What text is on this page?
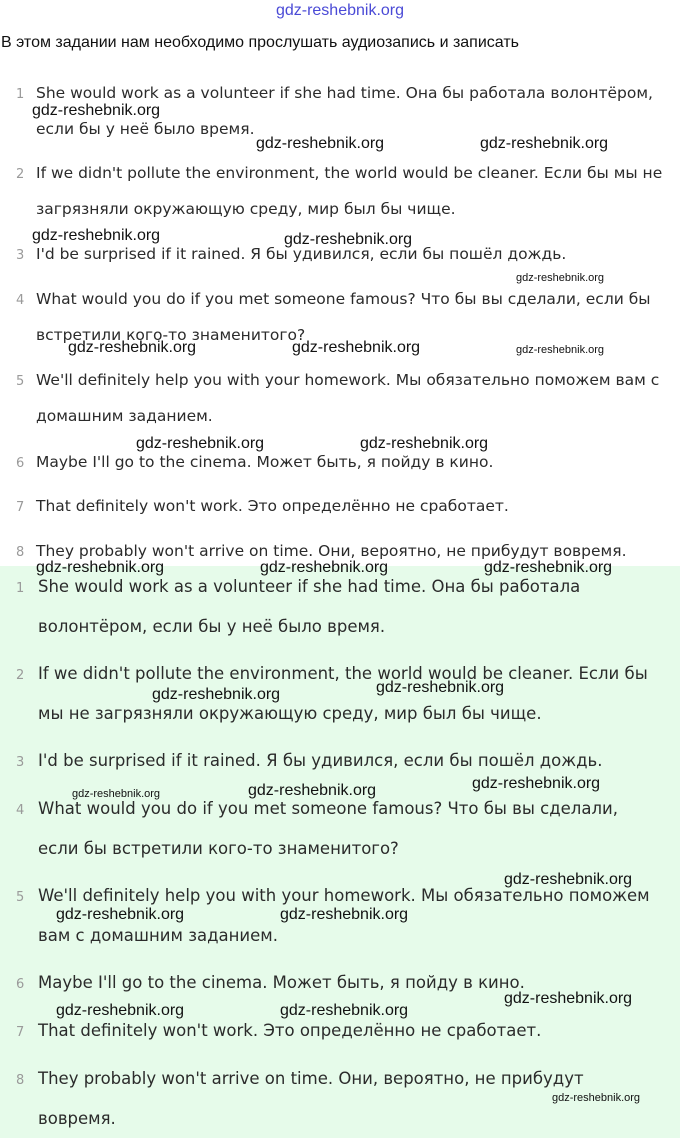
gdz-reshebnik.org
В этом задании нам необходимо прослушать аудиозапись и записать
1 She would work as a volunteer if she had time. Она бы работала волонтёром, если бы у неё было время.
2 If we didn't pollute the environment, the world would be cleaner. Если бы мы не загрязняли окружающую среду, мир был бы чище.
3 I'd be surprised if it rained. Я бы удивился, если бы пошёл дождь.
4 What would you do if you met someone famous? Что бы вы сделали, если бы встретили кого-то знаменитого?
5 We'll definitely help you with your homework. Мы обязательно поможем вам с домашним заданием.
6 Maybe I'll go to the cinema. Может быть, я пойду в кино.
7 That definitely won't work. Это определённо не сработает.
8 They probably won't arrive on time. Они, вероятно, не прибудут вовремя.
1 She would work as a volunteer if she had time. Она бы работала волонтёром, если бы у неё было время.
2 If we didn't pollute the environment, the world would be cleaner. Если бы мы не загрязняли окружающую среду, мир был бы чище.
3 I'd be surprised if it rained. Я бы удивился, если бы пошёл дождь.
4 What would you do if you met someone famous? Что бы вы сделали, если бы встретили кого-то знаменитого?
5 We'll definitely help you with your homework. Мы обязательно поможем вам с домашним заданием.
6 Maybe I'll go to the cinema. Может быть, я пойду в кино.
7 That definitely won't work. Это определённо не сработает.
8 They probably won't arrive on time. Они, вероятно, не прибудут вовремя.
gdz-reshebnik.org
gdz-reshebnik.org	gdz-reshebnik.org
gdz-reshebnik.org	gdz-reshebnik.org
gdz-reshebnik.org
gdz-reshebnik.org	gdz-reshebnik.org	gdz-reshebnik.org
gdz-reshebnik.org	gdz-reshebnik.org
gdz-reshebnik.org	gdz-reshebnik.org	gdz-reshebnik.org
gdz-reshebnik.org
gdz-reshebnik.org
gdz-reshebnik.org
gdz-reshebnik.org
gdz-reshebnik.org
gdz-reshebnik.org
gdz-reshebnik.org	gdz-reshebnik.org
gdz-reshebnik.org
gdz-reshebnik.org	gdz-reshebnik.org
gdz-reshebnik.org
